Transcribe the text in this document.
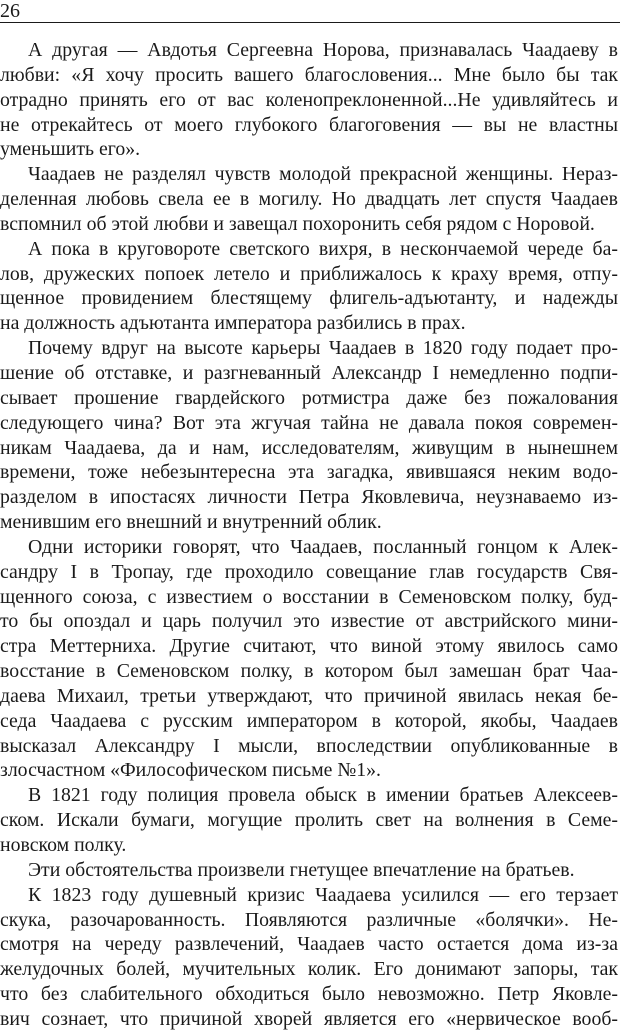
26
А другая — Авдотья Сергеевна Норова, признавалась Чаадаеву в
любви: «Я хочу просить вашего благословения... Мне было бы так
отрадно принять его от вас коленопреклоненной...Не удивляйтесь и
не отрекайтесь от моего глубокого благоговения — вы не властны
уменьшить его».
Чаадаев не разделял чувств молодой прекрасной женщины. Нераз-
деленная любовь свела ее в могилу. Но двадцать лет спустя Чаадаев
вспомнил об этой любви и завещал похоронить себя рядом с Норовой.
А пока в круговороте светского вихря, в нескончаемой череде ба-
лов, дружеских попоек летело и приближалось к краху время, отпу-
щенное провидением блестящему флигель-адъютанту, и надежды
на должность адъютанта императора разбились в прах.
Почему вдруг на высоте карьеры Чаадаев в 1820 году подает про-
шение об отставке, и разгневанный Александр I немедленно подпи-
сывает прошение гвардейского ротмистра даже без пожалования
следующего чина? Вот эта жгучая тайна не давала покоя современ-
никам Чаадаева, да и нам, исследователям, живущим в нынешнем
времени, тоже небезынтересна эта загадка, явившаяся неким водо-
разделом в ипостасях личности Петра Яковлевича, неузнаваемо из-
менившим его внешний и внутренний облик.
Одни историки говорят, что Чаадаев, посланный гонцом к Алек-
сандру I в Тропау, где проходило совещание глав государств Свя-
щенного союза, с известием о восстании в Семеновском полку, буд-
то бы опоздал и царь получил это известие от австрийского мини-
стра Меттерниха. Другие считают, что виной этому явилось само
восстание в Семеновском полку, в котором был замешан брат Чаа-
даева Михаил, третьи утверждают, что причиной явилась некая бе-
седа Чаадаева с русским императором в которой, якобы, Чаадаев
высказал Александру I мысли, впоследствии опубликованные в
злосчастном «Философическом письме №1».
В 1821 году полиция провела обыск в имении братьев Алексеев-
ском. Искали бумаги, могущие пролить свет на волнения в Семе-
новском полку.
Эти обстоятельства произвели гнетущее впечатление на братьев.
К 1823 году душевный кризис Чаадаева усилился — его терзает
скука, разочарованность. Появляются различные «болячки». Не-
смотря на череду развлечений, Чаадаев часто остается дома из-за
желудочных болей, мучительных колик. Его донимают запоры, так
что без слабительного обходиться было невозможно. Петр Яковле-
вич сознает, что причиной хворей является его «нервическое вооб-
